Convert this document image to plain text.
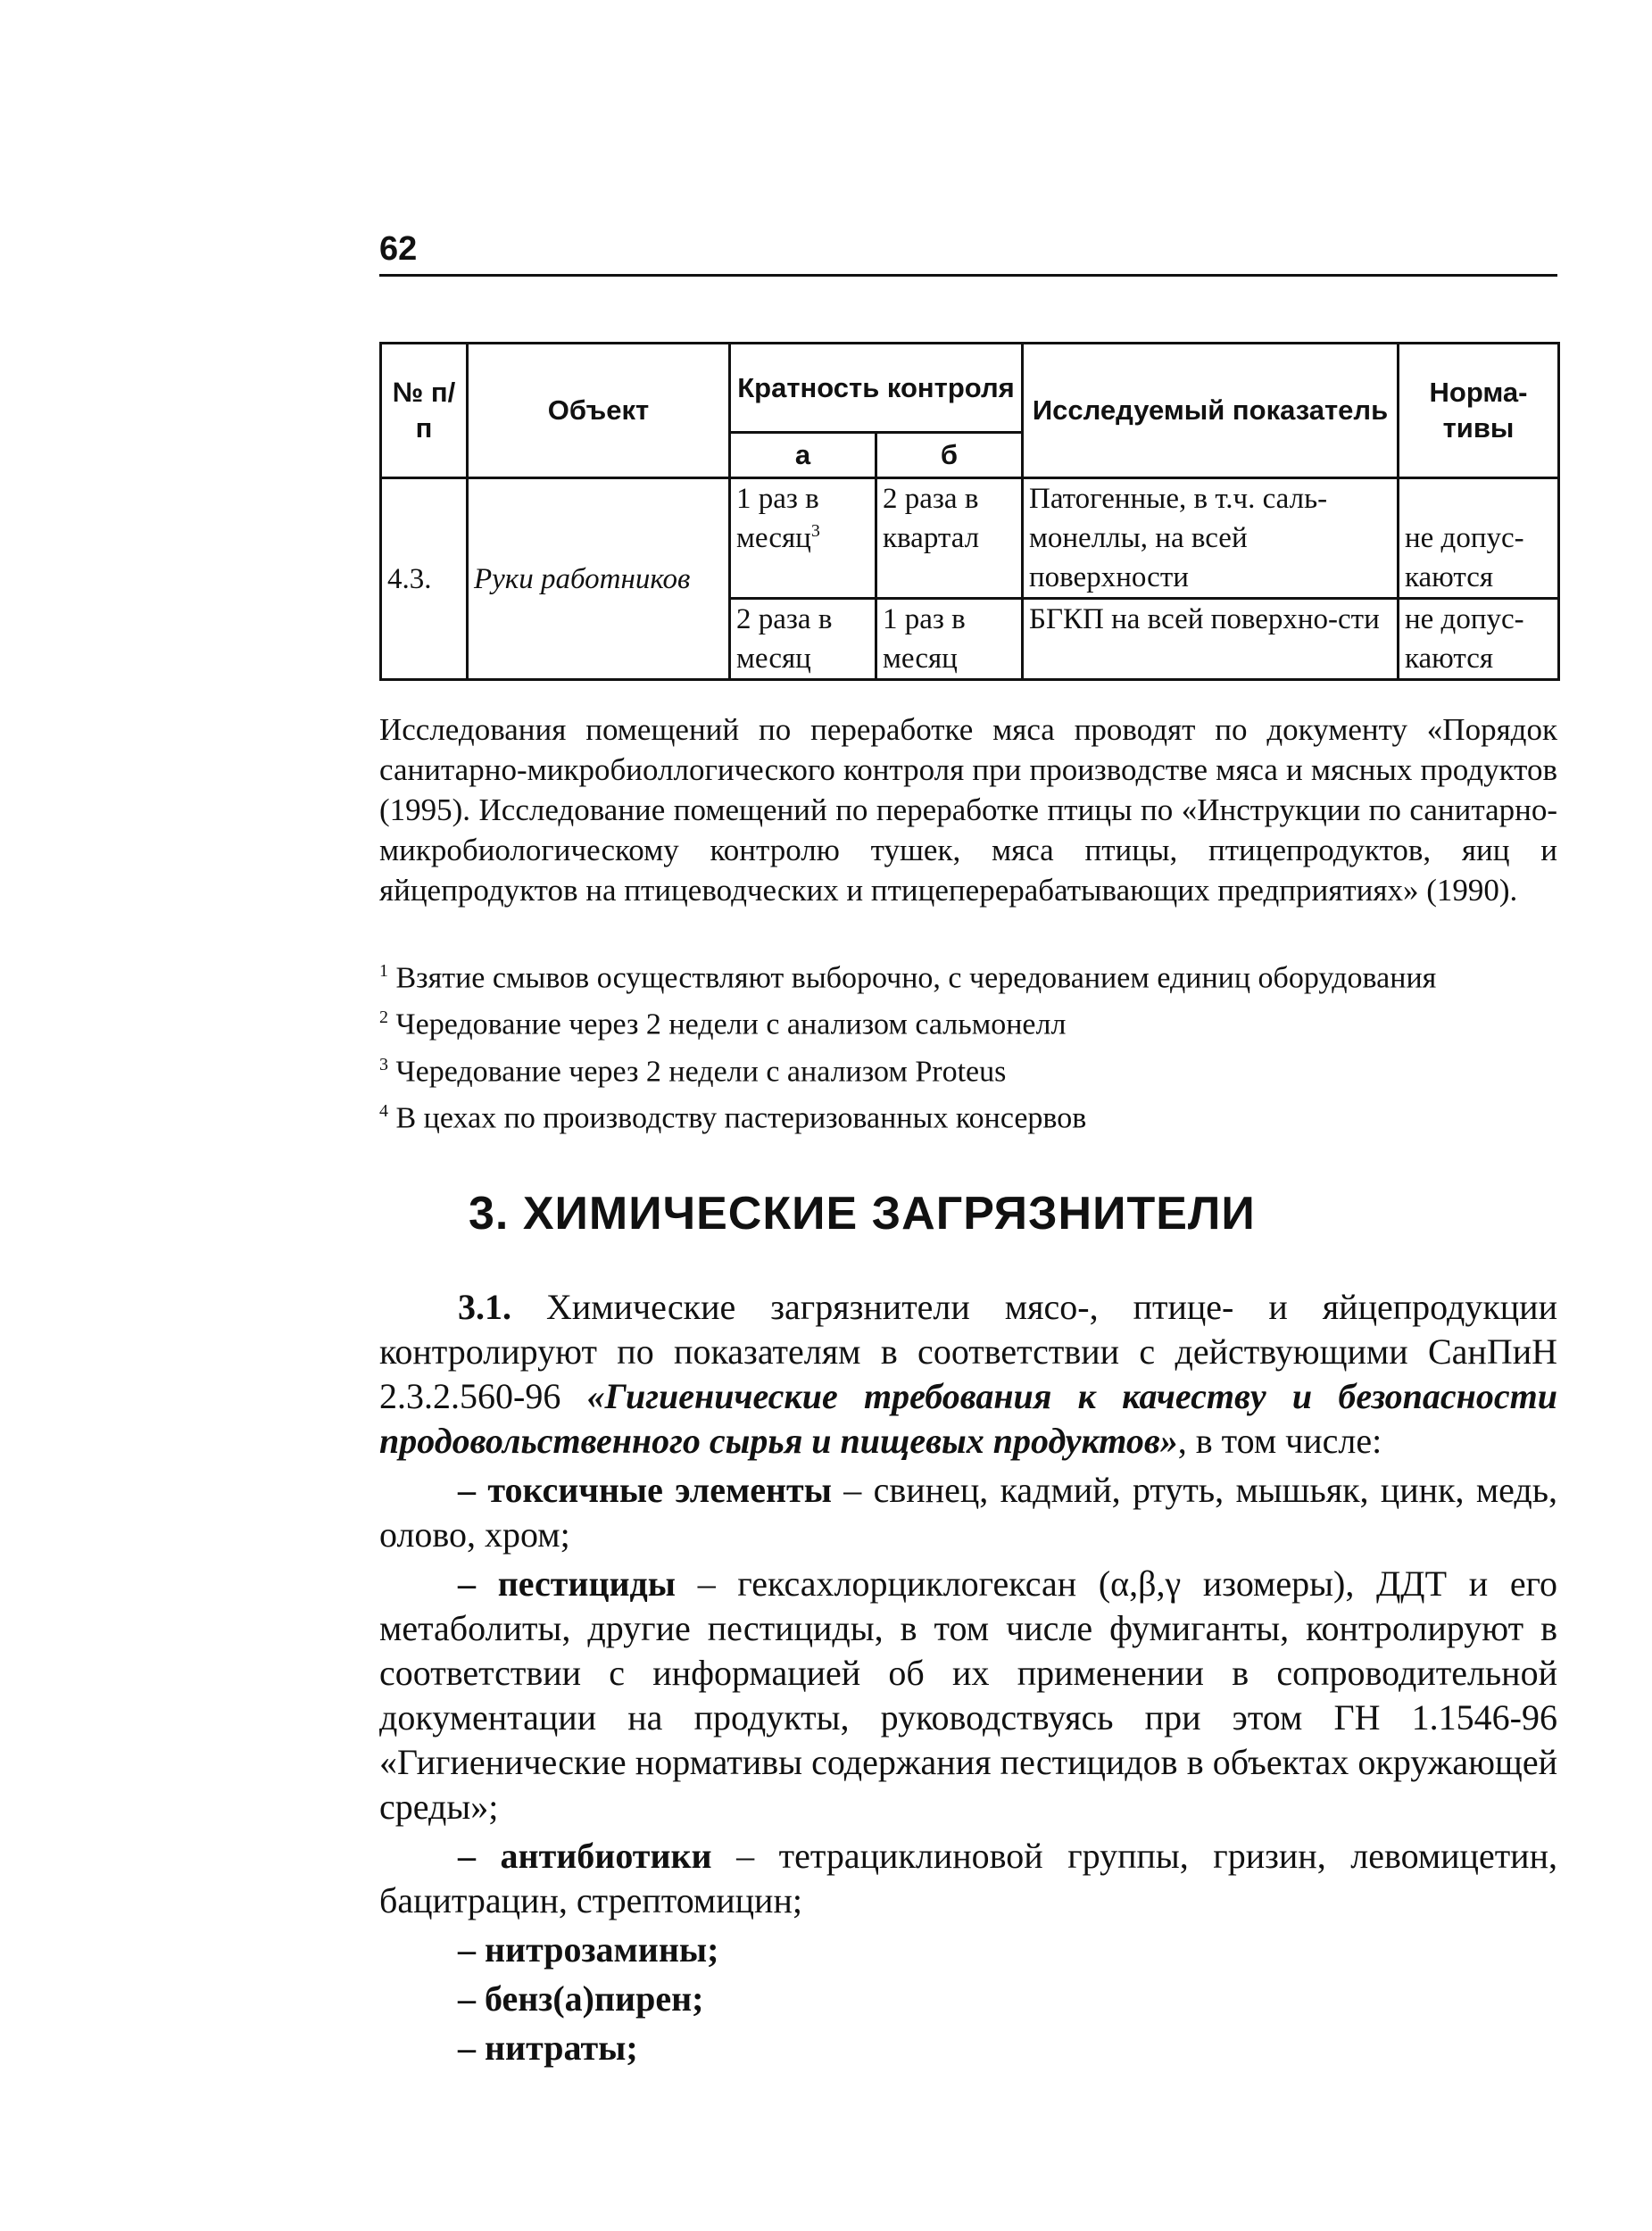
62
№ п/п	Объект	Кратность контроля		Исследуемый показатель	Норма-тивы
		а	б		
4.3.	Руки работников	1 раз в месяц$^3$	2 раза в квартал	Патогенные, в т.ч. саль-монеллы, на всей поверхности	не допус-каются
		2 раза в месяц	1 раз в месяц	БГКП на всей поверхно-сти	не допус-каются
Исследования помещений по переработке мяса проводят по документу «Порядок санитарно-микробиоллогического контроля при производстве мяса и мясных продуктов (1995). Исследование помещений по переработке птицы по «Инструкции по санитарно-микробиологическому контролю тушек, мяса птицы, птицепродуктов, яиц и яйцепродуктов на птицеводческих и птицеперерабатывающих предприятиях» (1990).
$^1$ Взятие смывов осуществляют выборочно, с чередованием единиц оборудования
$^2$ Чередование через 2 недели с анализом сальмонелл
$^3$ Чередование через 2 недели с анализом Proteus
$^4$ В цехах по производству пастеризованных консервов
3. ХИМИЧЕСКИЕ ЗАГРЯЗНИТЕЛИ

3.1. Химические загрязнители мясо-, птице- и яйцепродукции контролируют по показателям в соответствии с действующими СанПиН 2.3.2.560-96 «Гигиенические требования к качеству и безопасности продовольственного сырья и пищевых продуктов», в том числе:

– токсичные элементы – свинец, кадмий, ртуть, мышьяк, цинк, медь, олово, хром;

– пестициды – гексахлорциклогексан (α,β,γ изомеры), ДДТ и его метаболиты, другие пестициды, в том числе фумиганты, контролируют в соответствии с информацией об их применении в сопроводительной документации на продукты, руководствуясь при этом ГН 1.1546-96 «Гигиенические нормативы содержания пестицидов в объектах окружающей среды»;

– антибиотики – тетрациклиновой группы, гризин, левомицетин, бацитрацин, стрептомицин;

– нитрозамины;

– бенз(а)пирен;

– нитраты;
